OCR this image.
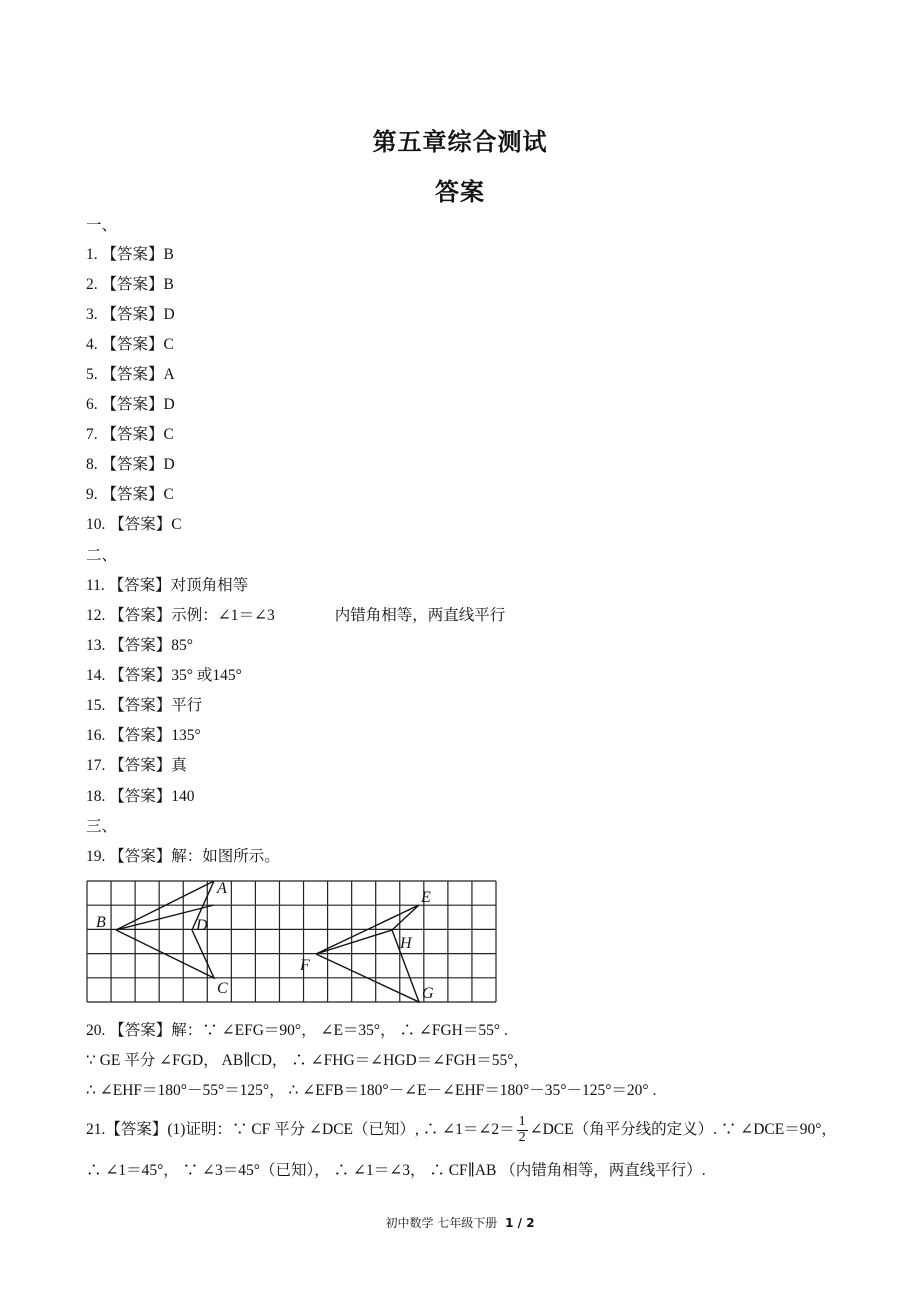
第五章综合测试
答案
一、
1. 【答案】B
2. 【答案】B
3. 【答案】D
4. 【答案】C
5. 【答案】A
6. 【答案】D
7. 【答案】C
8. 【答案】D
9. 【答案】C
10. 【答案】C
二、
11. 【答案】对顶角相等
12. 【答案】示例：∠1＝∠3	内错角相等，两直线平行
13. 【答案】85°
14. 【答案】35° 或145°
15. 【答案】平行
16. 【答案】135°
17. 【答案】真
18. 【答案】140
三、
19. 【答案】解：如图所示。
A
B
C
D
E
F
G
H
20. 【答案】解：∵ ∠EFG＝90°， ∠E＝35°， ∴ ∠FGH＝55° .
∵ GE 平分 ∠FGD， AB∥CD， ∴ ∠FHG＝∠HGD＝∠FGH＝55°，
∴ ∠EHF＝180°－55°＝125°， ∴ ∠EFB＝180°－∠E－∠EHF＝180°－35°－125°＝20° .
21.【答案】(1)证明：∵ CF 平分 ∠DCE（已知）, ∴ ∠1＝∠2＝ $\frac{1}{2}$ ∠DCE（角平分线的定义）. ∵ ∠DCE＝90°，
∴ ∠1＝45°， ∵ ∠3＝45°（已知）， ∴ ∠1＝∠3， ∴ CF∥AB （内错角相等，两直线平行）.
初中数学 七年级下册 1 / 2
